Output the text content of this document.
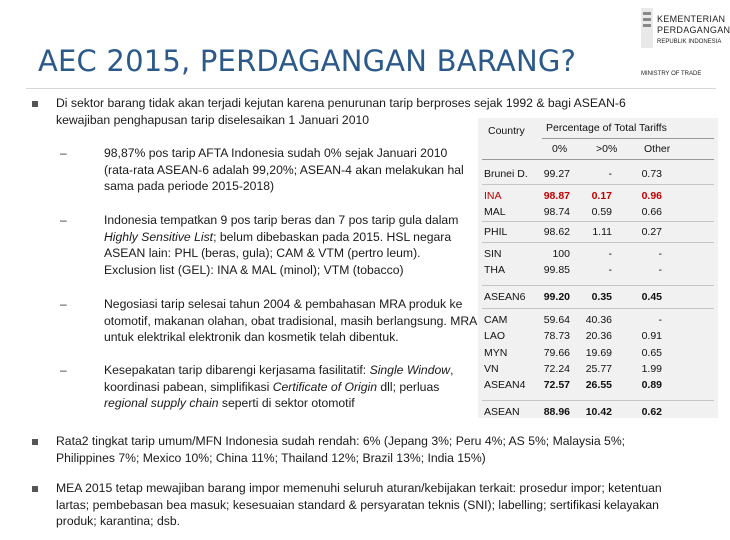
AEC 2015, PERDAGANGAN BARANG?
KEMENTERIAN
PERDAGANGAN
REPUBLIK INDONESIA
MINISTRY OF TRADE
Di sektor barang tidak akan terjadi kejutan karena penurunan tarip berproses sejak 1992 & bagi ASEAN-6 kewajiban penghapusan tarip diselesaikan 1 Januari 2010
–	98,87% pos tarip AFTA Indonesia sudah 0% sejak Januari 2010 (rata-rata ASEAN-6 adalah 99,20%; ASEAN-4 akan melakukan hal sama pada periode 2015-2018)
–	Indonesia tempatkan 9 pos tarip beras dan 7 pos tarip gula dalam Highly Sensitive List; belum dibebaskan pada 2015. HSL negara ASEAN lain: PHL (beras, gula); CAM & VTM (pertro leum). Exclusion list (GEL): INA & MAL (minol); VTM (tobacco)
–	Negosiasi tarip selesai tahun 2004 & pembahasan MRA produk ke otomotif, makanan olahan, obat tradisional, masih berlangsung. MRA untuk elektrikal elektronik dan kosmetik telah dibentuk.
–	Kesepakatan tarip dibarengi kerjasama fasilitatif: Single Window, koordinasi pabean, simplifikasi Certificate of Origin dll; perluas regional supply chain seperti di sektor otomotif
Rata2 tingkat tarip umum/MFN Indonesia sudah rendah: 6% (Jepang 3%; Peru 4%; AS 5%; Malaysia 5%; Philippines 7%; Mexico 10%; China 11%; Thailand 12%; Brazil 13%; India 15%)
MEA 2015 tetap mewajiban barang impor memenuhi seluruh aturan/kebijakan terkait: prosedur impor; ketentuan lartas; pembebasan bea masuk; kesesuaian standard & persyaratan teknis (SNI); labelling; sertifikasi kelayakan produk; karantina; dsb.
Country Percentage of Total Tariffs
0%	>0%	Other
Brunei D.	99.27	-	0.73
INA	98.87	0.17	0.96
MAL	98.74	0.59	0.66
PHIL	98.62	1.11	0.27
SIN	100	-	-
THA	99.85	-	-
ASEAN6	99.20	0.35	0.45
CAM	59.64	40.36	-
LAO	78.73	20.36	0.91
MYN	79.66	19.69	0.65
VN	72.24	25.77	1.99
ASEAN4	72.57	26.55	0.89
ASEAN	88.96	10.42	0.62
